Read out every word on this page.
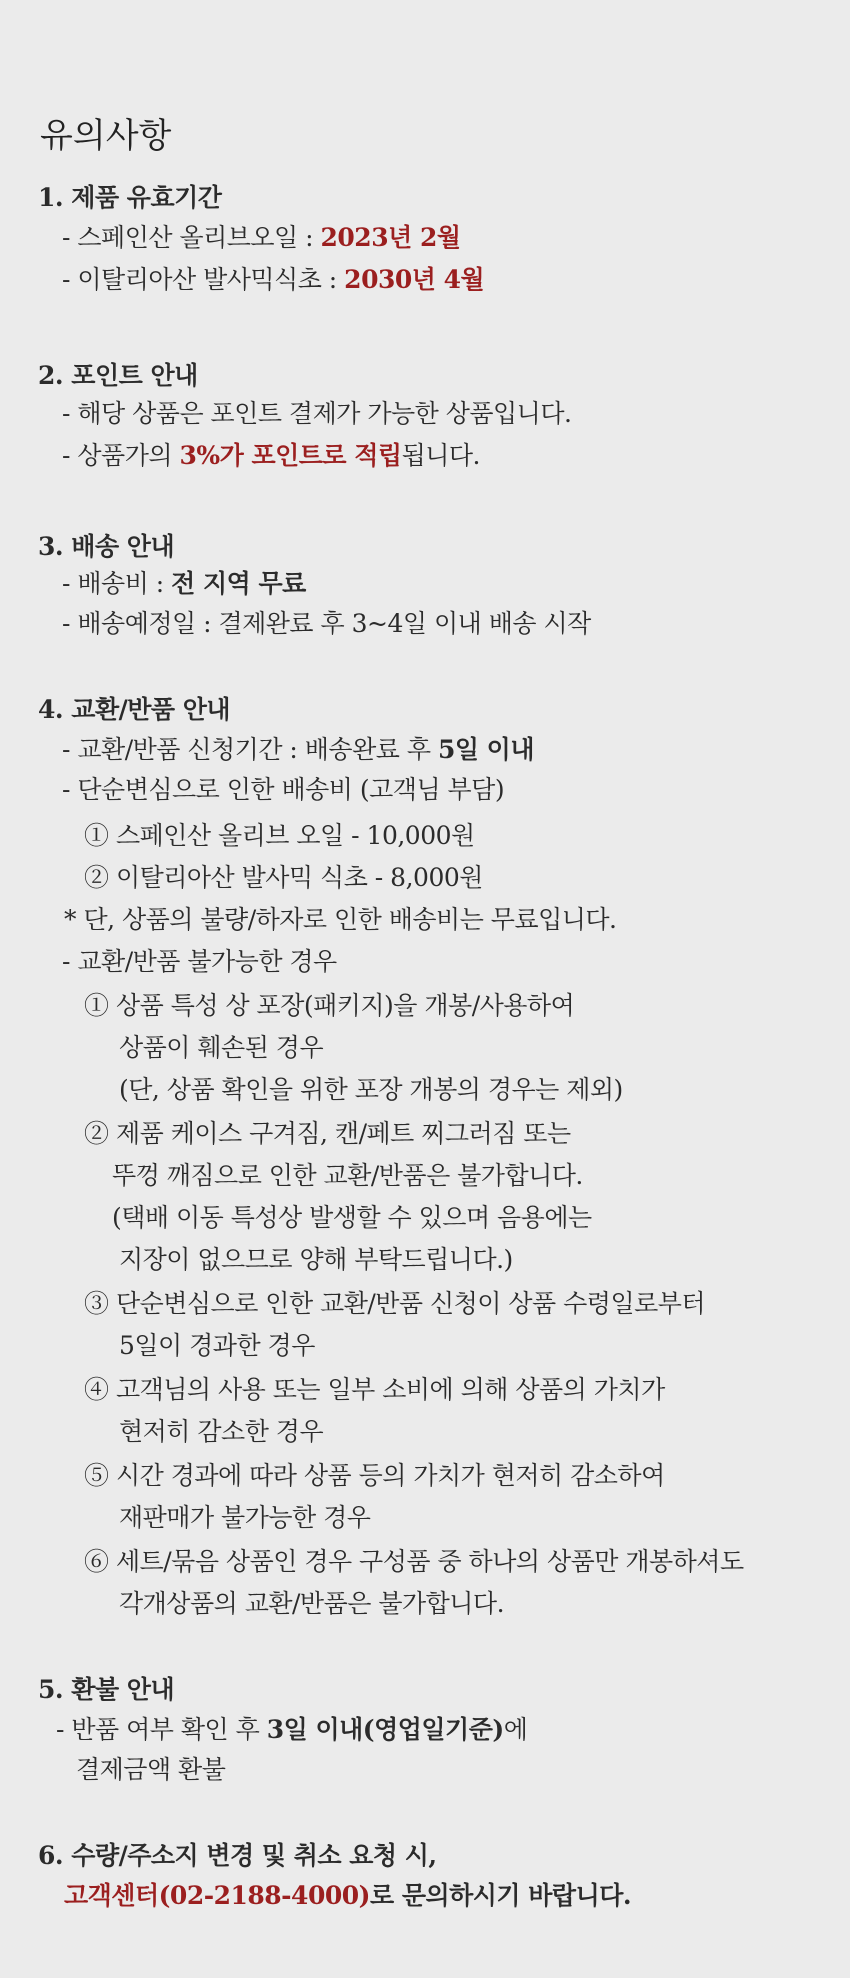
유의사항
1. 제품 유효기간
- 스페인산 올리브오일 : 2023년 2월
- 이탈리아산 발사믹식초 : 2030년 4월
2. 포인트 안내
- 해당 상품은 포인트 결제가 가능한 상품입니다.
- 상품가의 3%가 포인트로 적립됩니다.
3. 배송 안내
- 배송비 : 전 지역 무료
- 배송예정일 : 결제완료 후 3~4일 이내 배송 시작
4. 교환/반품 안내
- 교환/반품 신청기간 : 배송완료 후 5일 이내
- 단순변심으로 인한 배송비 (고객님 부담)
① 스페인산 올리브 오일 - 10,000원
② 이탈리아산 발사믹 식초 - 8,000원
* 단, 상품의 불량/하자로 인한 배송비는 무료입니다.
- 교환/반품 불가능한 경우
① 상품 특성 상 포장(패키지)을 개봉/사용하여
상품이 훼손된 경우
(단, 상품 확인을 위한 포장 개봉의 경우는 제외)
② 제품 케이스 구겨짐, 캔/페트 찌그러짐 또는
뚜껑 깨짐으로 인한 교환/반품은 불가합니다.
(택배 이동 특성상 발생할 수 있으며 음용에는
지장이 없으므로 양해 부탁드립니다.)
③ 단순변심으로 인한 교환/반품 신청이 상품 수령일로부터
5일이 경과한 경우
④ 고객님의 사용 또는 일부 소비에 의해 상품의 가치가
현저히 감소한 경우
⑤ 시간 경과에 따라 상품 등의 가치가 현저히 감소하여
재판매가 불가능한 경우
⑥ 세트/묶음 상품인 경우 구성품 중 하나의 상품만 개봉하셔도
각개상품의 교환/반품은 불가합니다.
5. 환불 안내
- 반품 여부 확인 후 3일 이내(영업일기준)에
결제금액 환불
6. 수량/주소지 변경 및 취소 요청 시,
고객센터(02-2188-4000)로 문의하시기 바랍니다.
